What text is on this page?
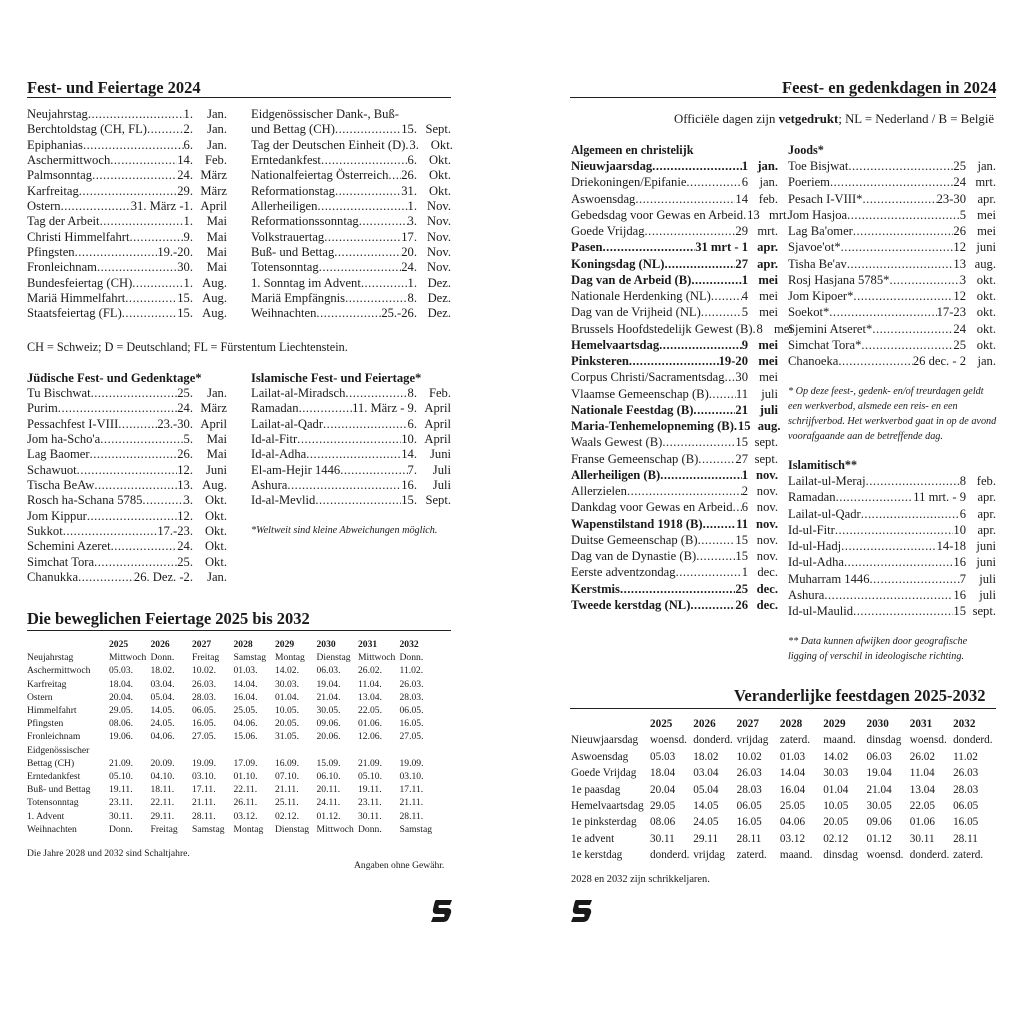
Fest- und Feiertage 2024
Neujahrstag .....	1.	Jan.
Berchtoldstag (CH, FL) .....	2.	Jan.
Epiphanias .....	6.	Jan.
Aschermittwoch .....	14. Feb.
Palmsonntag .....	24. März
Karfreitag .....	29. März
Ostern .....	31. März -1. April
Tag der Arbeit .....	1.	Mai
Christi Himmelfahrt .....	9.	Mai
Pfingsten .....	19.-20.	Mai
Fronleichnam .....	30.	Mai
Bundesfeiertag (CH) .....	1. Aug.
Mariä Himmelfahrt .....	15. Aug.
Staatsfeiertag (FL) .....	15. Aug.
Eidgenössischer Dank-, Buß-
und Bettag (CH) .....	15. Sept.
Tag der Deutschen Einheit (D) ..... 3. Okt.
Erntedankfest .....	6. Okt.
Nationalfeiertag Österreich ..... 26. Okt.
Reformationstag .....	31. Okt.
Allerheiligen .....	1. Nov.
Reformationssonntag .....	3. Nov.
Volkstrauertag .....	17. Nov.
Buß- und Bettag .....	20. Nov.
Totensonntag .....	24. Nov.
1. Sonntag im Advent .....	1. Dez.
Mariä Empfängnis .....	8. Dez.
Weihnachten .....	25.-26. Dez.
CH = Schweiz; D = Deutschland; FL = Fürstentum Liechtenstein.
Jüdische Fest- und Gedenktage*
Tu Bischwat .....	25.	Jan.
Purim .....	24. März
Pessachfest I-VIII .....	23.-30. April
Jom ha-Scho'a .....	5.	Mai
Lag Baomer .....	26.	Mai
Schawuot .....	12.	Juni
Tischa BeAw .....	13. Aug.
Rosch ha-Schana 5785 .....	3. Okt.
Jom Kippur .....	12. Okt.
Sukkot .....	17.-23. Okt.
Schemini Azeret .....	24. Okt.
Simchat Tora .....	25. Okt.
Chanukka .....	26. Dez. -2.	Jan.
Islamische Fest- und Feiertage*
Lailat-al-Miradsch .....	8. Feb.
Ramadan .....	11. März - 9. April
Lailat-al-Qadr .....	6. April
Id-al-Fitr .....	10. April
Id-al-Adha .....	14.	Juni
El-am-Hejir 1446 .....	7.	Juli
Ashura .....	16.	Juli
Id-al-Mevlid .....	15. Sept.
*Weltweit sind kleine Abweichungen möglich.
Die beweglichen Feiertage 2025 bis 2032
	2025	2026	2027	2028	2029	2030	2031	2032
Neujahrstag	Mittwoch	Donn.	Freitag	Samstag	Montag	Dienstag	Mittwoch	Donn.
Aschermittwoch	05.03.	18.02.	10.02.	01.03.	14.02.	06.03.	26.02.	11.02.
Karfreitag	18.04.	03.04.	26.03.	14.04.	30.03.	19.04.	11.04.	26.03.
Ostern	20.04.	05.04.	28.03.	16.04.	01.04.	21.04.	13.04.	28.03.
Himmelfahrt	29.05.	14.05.	06.05.	25.05.	10.05.	30.05.	22.05.	06.05.
Pfingsten	08.06.	24.05.	16.05.	04.06.	20.05.	09.06.	01.06.	16.05.
Fronleichnam	19.06.	04.06.	27.05.	15.06.	31.05.	20.06.	12.06.	27.05.
Eidgenössischer								
Bettag (CH)	21.09.	20.09.	19.09.	17.09.	16.09.	15.09.	21.09.	19.09.
Erntedankfest	05.10.	04.10.	03.10.	01.10.	07.10.	06.10.	05.10.	03.10.
Buß- und Bettag	19.11.	18.11.	17.11.	22.11.	21.11.	20.11.	19.11.	17.11.
Totensonntag	23.11.	22.11.	21.11.	26.11.	25.11.	24.11.	23.11.	21.11.
1. Advent	30.11.	29.11.	28.11.	03.12.	02.12.	01.12.	30.11.	28.11.
Weihnachten	Donn.	Freitag	Samstag	Montag	Dienstag	Mittwoch	Donn.	Samstag
Die Jahre 2028 und 2032 sind Schaltjahre.
Angaben ohne Gewähr.
Feest- en gedenkdagen in 2024
Officiële dagen zijn vetgedrukt; NL = Nederland / B = België
Algemeen en christelijk
Nieuwjaarsdag .....	1 jan.
Driekoningen/Epifanie .....	6 jan.
Aswoensdag .....	14 feb.
Gebedsdag voor Gewas en Arbeid ..... 13 mrt.
Goede Vrijdag .....	29 mrt.
Pasen .....	31 mrt - 1 apr.
Koningsdag (NL) .....	27 apr.
Dag van de Arbeid (B) .....	1 mei
Nationale Herdenking (NL) ..... 4 mei
Dag van de Vrijheid (NL) .....	5 mei
Brussels Hoofdstedelijk Gewest (B) ..... 8 mei
Hemelvaartsdag .....	9 mei
Pinksteren .....	19-20 mei
Corpus Christi/Sacramentsdag ..... 30 mei
Vlaamse Gemeenschap (B) ..... 11	juli
Nationale Feestdag (B) .....	21 juli
Maria-Tenhemelopneming (B) ..... 15 aug.
Waals Gewest (B) .....	15 sept.
Franse Gemeenschap (B) .....	27 sept.
Allerheiligen (B) .....	1 nov.
Allerzielen .....	2 nov.
Dankdag voor Gewas en Arbeid ..... 6 nov.
Wapenstilstand 1918 (B) .....	11 nov.
Duitse Gemeenschap (B) .....	15 nov.
Dag van de Dynastie (B) .....	15 nov.
Eerste adventzondag .....	1 dec.
Kerstmis .....	25 dec.
Tweede kerstdag (NL) .....	26 dec.
Joods*
Toe Bisjwat .....	25 jan.
Poeriem .....	24 mrt.
Pesach I-VIII* .....	23-30 apr.
Jom Hasjoa .....	5 mei
Lag Ba'omer .....	26 mei
Sjavoe'ot* .....	12 juni
Tisha Be'av .....	13 aug.
Rosj Hasjana 5785* .....	3 okt.
Jom Kipoer* .....	12 okt.
Soekot* .....	17-23 okt.
Sjemini Atseret* .....	24 okt.
Simchat Tora* .....	25 okt.
Chanoeka .....	26 dec. - 2 jan.
* Op deze feest-, gedenk- en/of treurdagen geldt een werkverbod, alsmede een reis- en een schrijfverbod. Het werkverbod gaat in op de avond voorafgaande aan de betreffende dag.
Islamitisch**
Lailat-ul-Meraj .....	8 feb.
Ramadan .....	11 mrt. - 9 apr.
Lailat-ul-Qadr .....	6 apr.
Id-ul-Fitr .....	10 apr.
Id-ul-Hadj .....	14-18 juni
Id-ul-Adha .....	16 juni
Muharram 1446 .....	7	juli
Ashura .....	16	juli
Id-ul-Maulid .....	15 sept.
** Data kunnen afwijken door geografische ligging of verschil in ideologische richting.
Veranderlijke feestdagen 2025-2032
	2025	2026	2027	2028	2029	2030	2031	2032
Nieuwjaarsdag	woensd.	donderd.	vrijdag	zaterd.	maand.	dinsdag	woensd.	donderd.
Aswoensdag	05.03	18.02	10.02	01.03	14.02	06.03	26.02	11.02
Goede Vrijdag	18.04	03.04	26.03	14.04	30.03	19.04	11.04	26.03
1e paasdag	20.04	05.04	28.03	16.04	01.04	21.04	13.04	28.03
Hemelvaartsdag	29.05	14.05	06.05	25.05	10.05	30.05	22.05	06.05
1e pinksterdag	08.06	24.05	16.05	04.06	20.05	09.06	01.06	16.05
1e advent	30.11	29.11	28.11	03.12	02.12	01.12	30.11	28.11
1e kerstdag	donderd.	vrijdag	zaterd.	maand.	dinsdag	woensd.	donderd.	zaterd.
2028 en 2032 zijn schrikkeljaren.
